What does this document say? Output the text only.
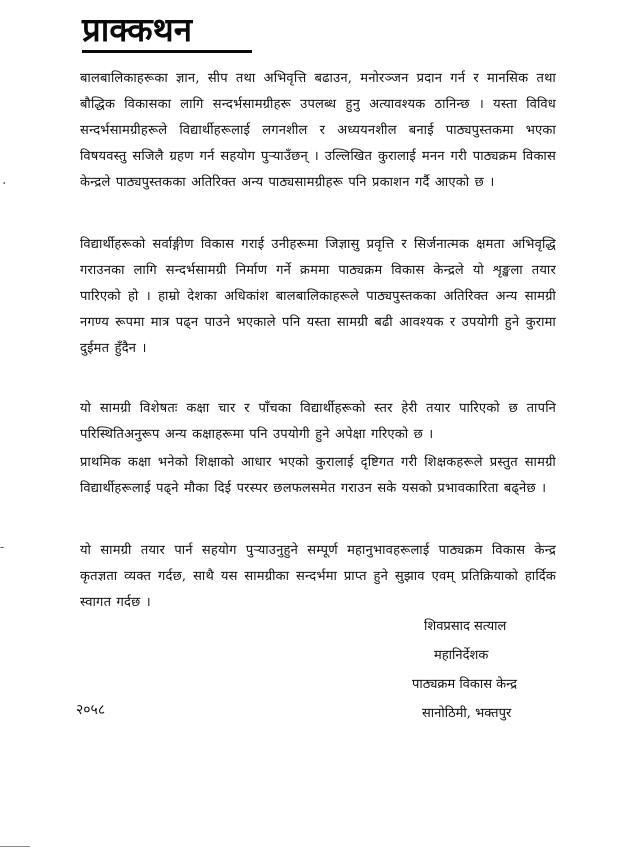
प्राक्कथन

बालबालिकाहरूका ज्ञान, सीप तथा अभिवृत्ति बढाउन, मनोरञ्जन प्रदान गर्न र मानसिक तथा बौद्धिक विकासका लागि सन्दर्भसामग्रीहरू उपलब्ध हुनु अत्यावश्यक ठानिन्छ । यस्ता विविध सन्दर्भसामग्रीहरूले विद्यार्थीहरूलाई लगनशील र अध्ययनशील बनाई पाठ्यपुस्तकमा भएका विषयवस्तु सजिलै ग्रहण गर्न सहयोग पुऱ्याउँछन् । उल्लिखित कुरालाई मनन गरी पाठ्यक्रम विकास केन्द्रले पाठ्यपुस्तकका अतिरिक्त अन्य पाठ्यसामग्रीहरू पनि प्रकाशन गर्दै आएको छ ।

विद्यार्थीहरूको सर्वाङ्गीण विकास गराई उनीहरूमा जिज्ञासु प्रवृत्ति र सिर्जनात्मक क्षमता अभिवृद्धि गराउनका लागि सन्दर्भसामग्री निर्माण गर्ने क्रममा पाठ्यक्रम विकास केन्द्रले यो शृङ्खला तयार पारिएको हो । हाम्रो देशका अधिकांश बालबालिकाहरूले पाठ्यपुस्तकका अतिरिक्त अन्य सामग्री नगण्य रूपमा मात्र पढ्न पाउने भएकाले पनि यस्ता सामग्री बढी आवश्यक र उपयोगी हुने कुरामा दुईमत हुँदैन ।

यो सामग्री विशेषतः कक्षा चार र पाँचका विद्यार्थीहरूको स्तर हेरी तयार पारिएको छ तापनि परिस्थितिअनुरूप अन्य कक्षाहरूमा पनि उपयोगी हुने अपेक्षा गरिएको छ ।

प्राथमिक कक्षा भनेको शिक्षाको आधार भएको कुरालाई दृष्टिगत गरी शिक्षकहरूले प्रस्तुत सामग्री विद्यार्थीहरूलाई पढ्ने मौका दिई परस्पर छलफलसमेत गराउन सके यसको प्रभावकारिता बढ्नेछ ।

यो सामग्री तयार पार्न सहयोग पुऱ्याउनुहुने सम्पूर्ण महानुभावहरूलाई पाठ्यक्रम विकास केन्द्र कृतज्ञता व्यक्त गर्दछ, साथै यस सामग्रीका सन्दर्भमा प्राप्त हुने सुझाव एवम् प्रतिक्रियाको हार्दिक स्वागत गर्दछ ।

शिवप्रसाद सत्याल
महानिर्देशक
पाठ्यक्रम विकास केन्द्र
सानोठिमी, भक्तपुर
२०५८
·
-
